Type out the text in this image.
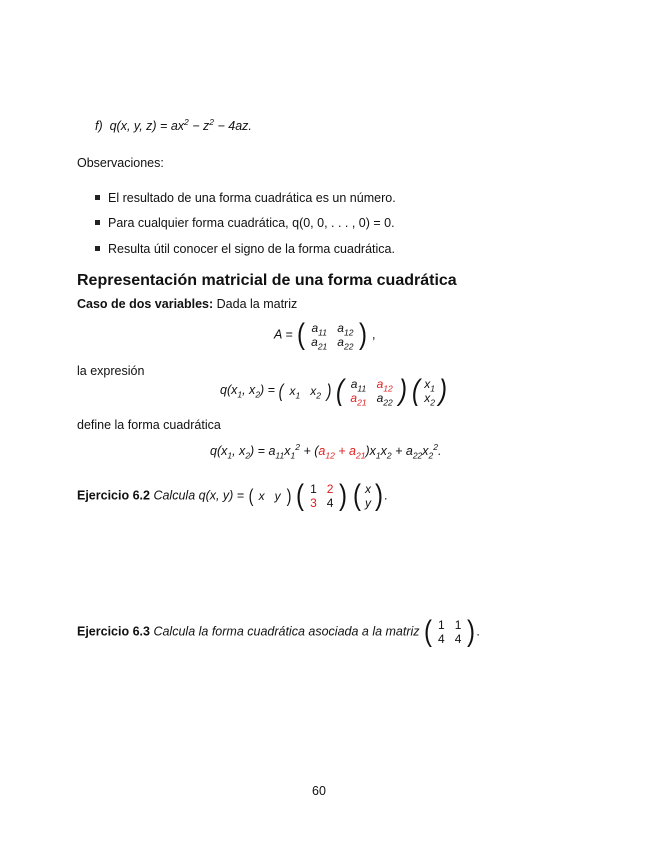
f) q(x, y, $z) = ax^2 - z^2 - 4az$.
Observaciones:
El resultado de una forma cuadrática es un número.
Para cualquier forma cuadrática, q(0, 0, . . . , 0) = 0.
Resulta útil conocer el signo de la forma cuadrática.
Representación matricial de una forma cuadrática
Caso de dos variables: Dada la matriz
A = ( $a_{11}$	$a_{12}$
$a_{21}$	$a_{22}$ ) ,
la expresión
$q(x_1$, $x_2$) = ( $x_1$	$x_2$ )
( $a_{11}$	$a_{12}$
$a_{21}$	$a_{22}$ )
( $x_1$
$x_2$ )
define la forma cuadrática
$q(x_1$, $x_2) = a_{11}x_1^2 + (a_{12} + a_{21})x_1x_2 + a_{22}x_2^2$.
Ejercicio 6.2 Calcula q(x, y) = ( x	y )
( 1	2
3	4 )
( x
y ) .
Ejercicio 6.3 Calcula la forma cuadrática asociada a la matriz ( 1	1
4	4 ) .
60
